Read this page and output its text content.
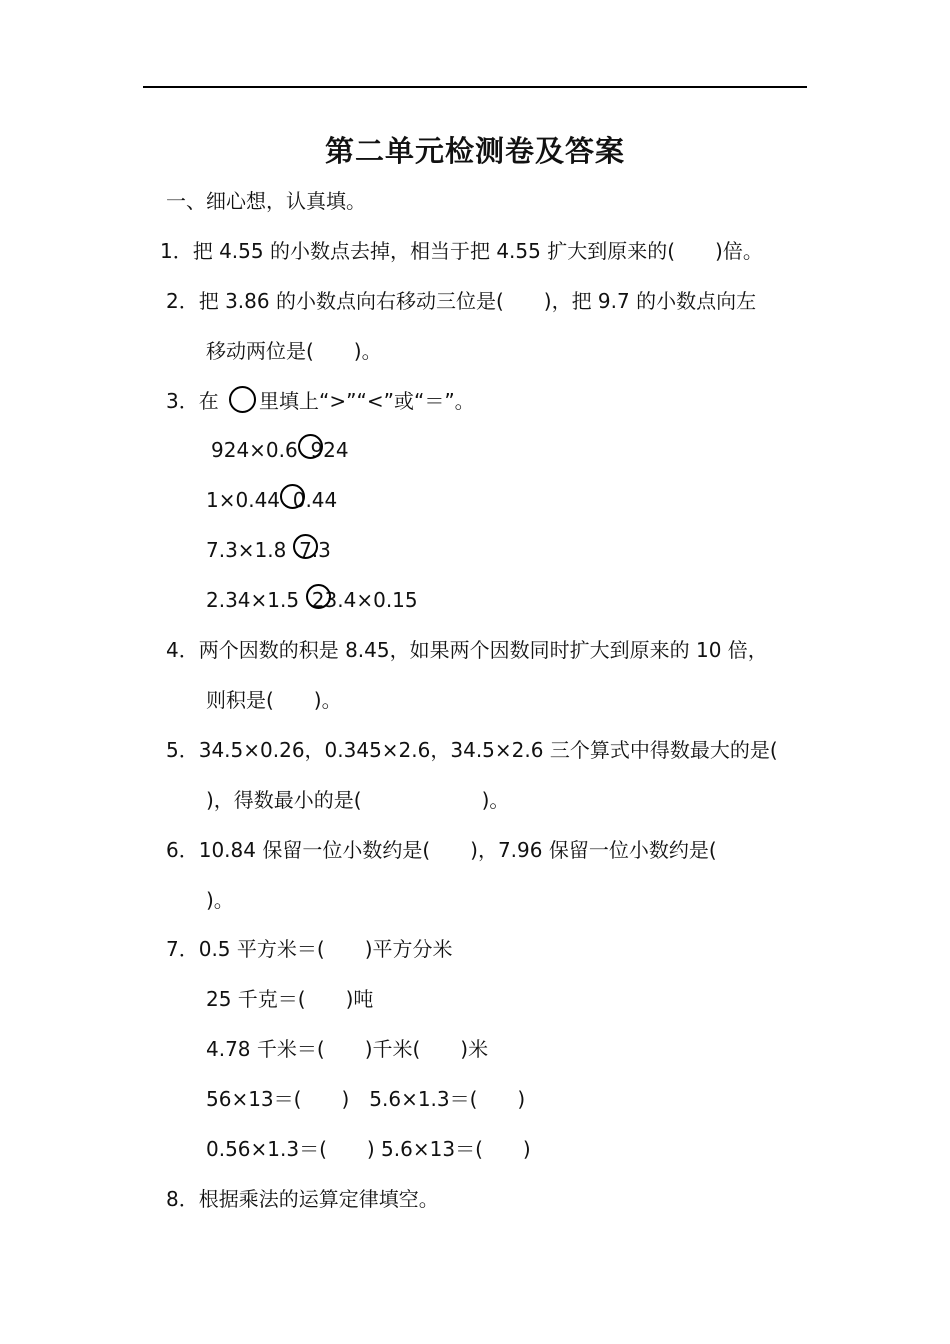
第二单元检测卷及答案
一、细心想，认真填。
1．把 4.55 的小数点去掉，相当于把 4.55 扩大到原来的(　　)倍。
2．把 3.86 的小数点向右移动三位是(　　)，把 9.7 的小数点向左
移动两位是(　　)。
3．在 里填上“>”“<”或“＝”。
924×0.6  924
1×0.44  0.44
7.3×1.8  7.3
2.34×1.5  23.4×0.15
4．两个因数的积是 8.45，如果两个因数同时扩大到原来的 10 倍，
则积是(　　)。
5．34.5×0.26，0.345×2.6，34.5×2.6 三个算式中得数最大的是(
)，得数最小的是(　　　　　　)。
6．10.84 保留一位小数约是(　　)，7.96 保留一位小数约是(
)。
7．0.5 平方米＝(　　)平方分米
25 千克＝(　　)吨
4.78 千米＝(　　)千米(　　)米
56×13＝(　　)　5.6×1.3＝(　　)
0.56×1.3＝(　　) 5.6×13＝(　　)
8．根据乘法的运算定律填空。
